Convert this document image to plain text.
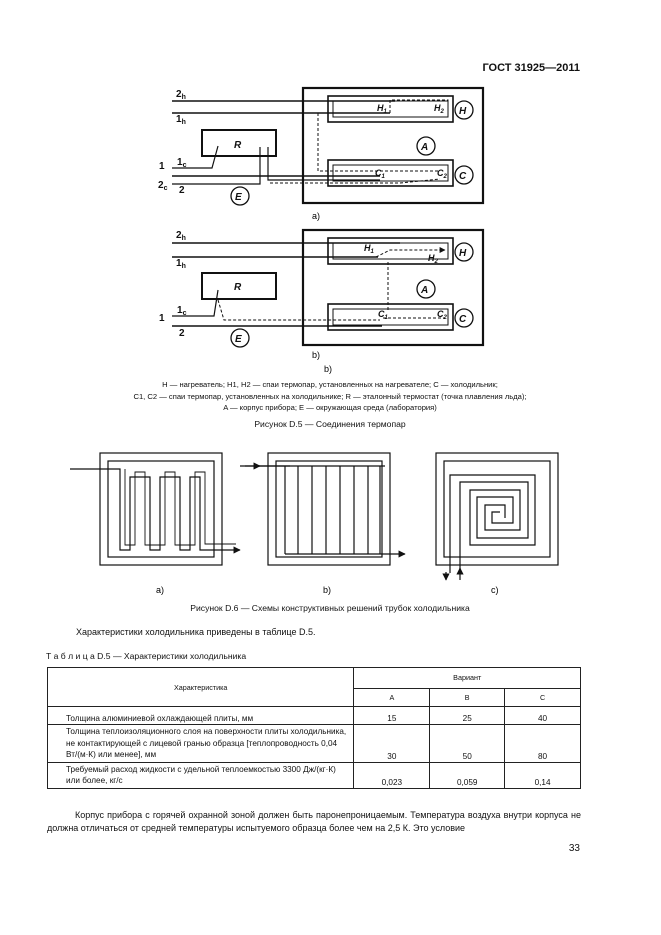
ГОСТ 31925—2011
$2_h$
$1_h$
1 $1_c$
$2_c$ 2
R
E
H
C
A
$H_1$	$H_2$
$C_1$	$C_2$
a)
$2_h$
$1_h$
1
$1_c$
2
R
E
H
C
A
$H_1$
$H_2$
$C_1$	$C_2$
b)
b)
H — нагреватель; H1, H2 — спаи термопар, установленных на нагревателе; С — холодильник;
С1, С2 — спаи термопар, установленных на холодильнике; R — эталонный термостат (точка плавления льда);
A — корпус прибора; E — окружающая среда (лаборатория)
Рисунок D.5 — Соединения термопар
a)	b)	c)
Рисунок D.6 — Схемы конструктивных решений трубок холодильника
Характеристики холодильника приведены в таблице D.5.
Т а б л и ц а D.5 — Характеристики холодильника
Характеристика	Вариант		
	A	B	C
Толщина алюминиевой охлаждающей плиты, мм	15	25	40
Толщина теплоизоляционного слоя на поверхности плиты холодильника, не контактирующей с лицевой гранью образца [теплопроводность 0,04 Вт/(м·К) или менее], мм	30	50	80
Требуемый расход жидкости с удельной теплоемкостью 3300 Дж/(кг·К) или более, кг/с	0,023	0,059	0,14
Корпус прибора с горячей охранной зоной должен быть паронепроницаемым. Температура воздуха внутри корпуса не должна отличаться от средней температуры испытуемого образца более чем на 2,5 К. Это условие
33
